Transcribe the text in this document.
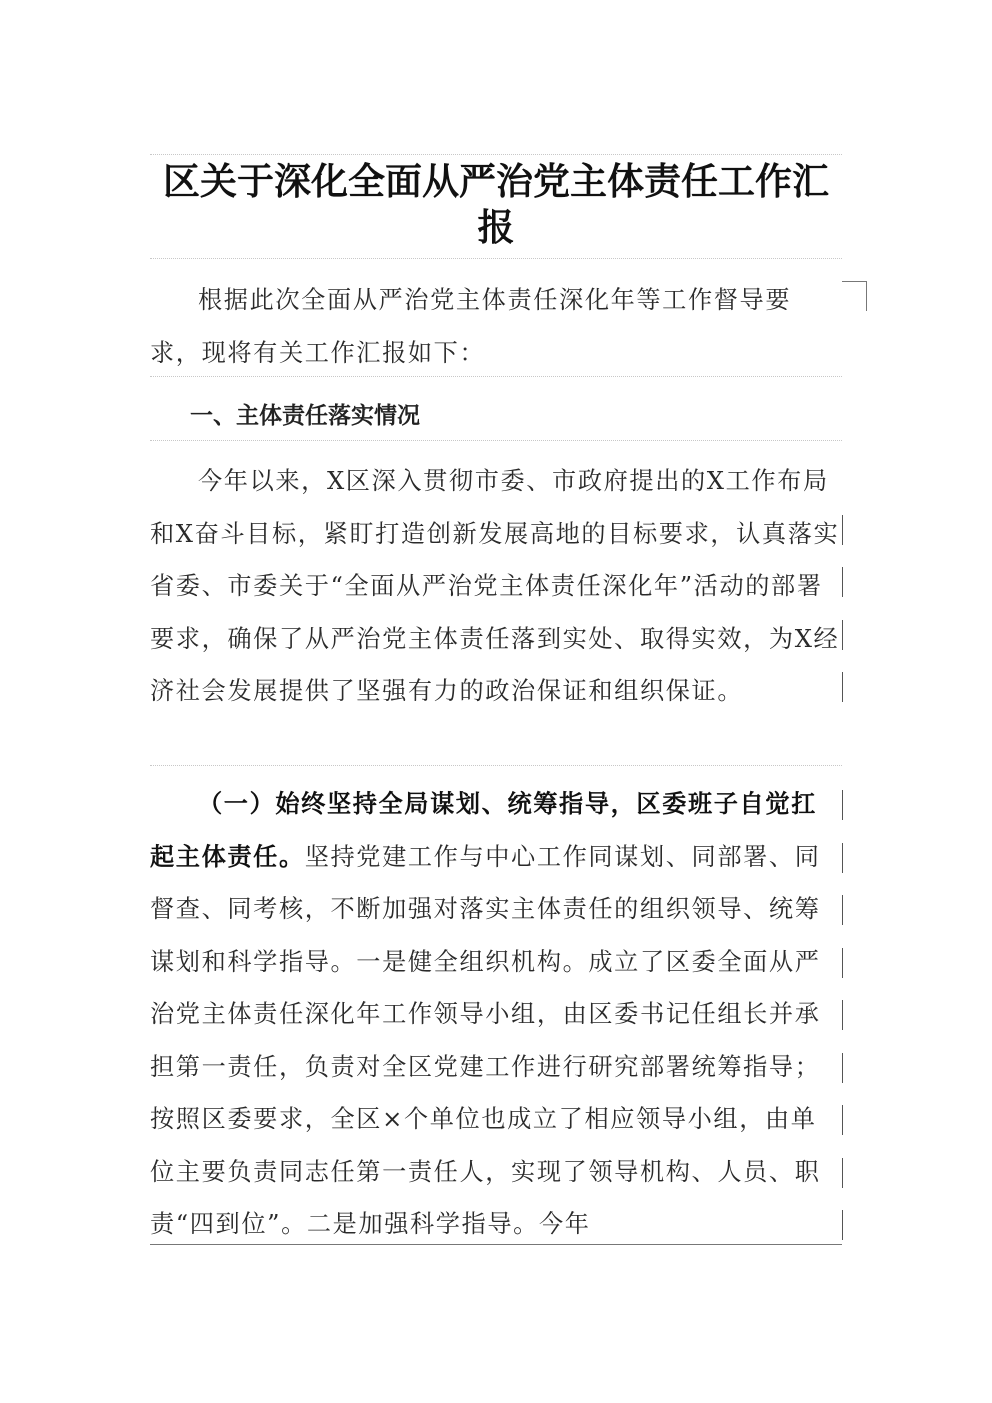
区关于深化全面从严治党主体责任工作汇报

根据此次全面从严治党主体责任深化年等工作督导要求，现将有关工作汇报如下：

一、主体责任落实情况

今年以来，X区深入贯彻市委、市政府提出的X工作布局和X奋斗目标，紧盯打造创新发展高地的目标要求，认真落实省委、市委关于“全面从严治党主体责任深化年”活动的部署要求，确保了从严治党主体责任落到实处、取得实效，为X经济社会发展提供了坚强有力的政治保证和组织保证。

（一）始终坚持全局谋划、统筹指导，区委班子自觉扛起主体责任。坚持党建工作与中心工作同谋划、同部署、同督查、同考核，不断加强对落实主体责任的组织领导、统筹谋划和科学指导。一是健全组织机构。成立了区委全面从严治党主体责任深化年工作领导小组，由区委书记任组长并承担第一责任，负责对全区党建工作进行研究部署统筹指导；按照区委要求，全区×个单位也成立了相应领导小组，由单位主要负责同志任第一责任人，实现了领导机构、人员、职责“四到位”。二是加强科学指导。今年
